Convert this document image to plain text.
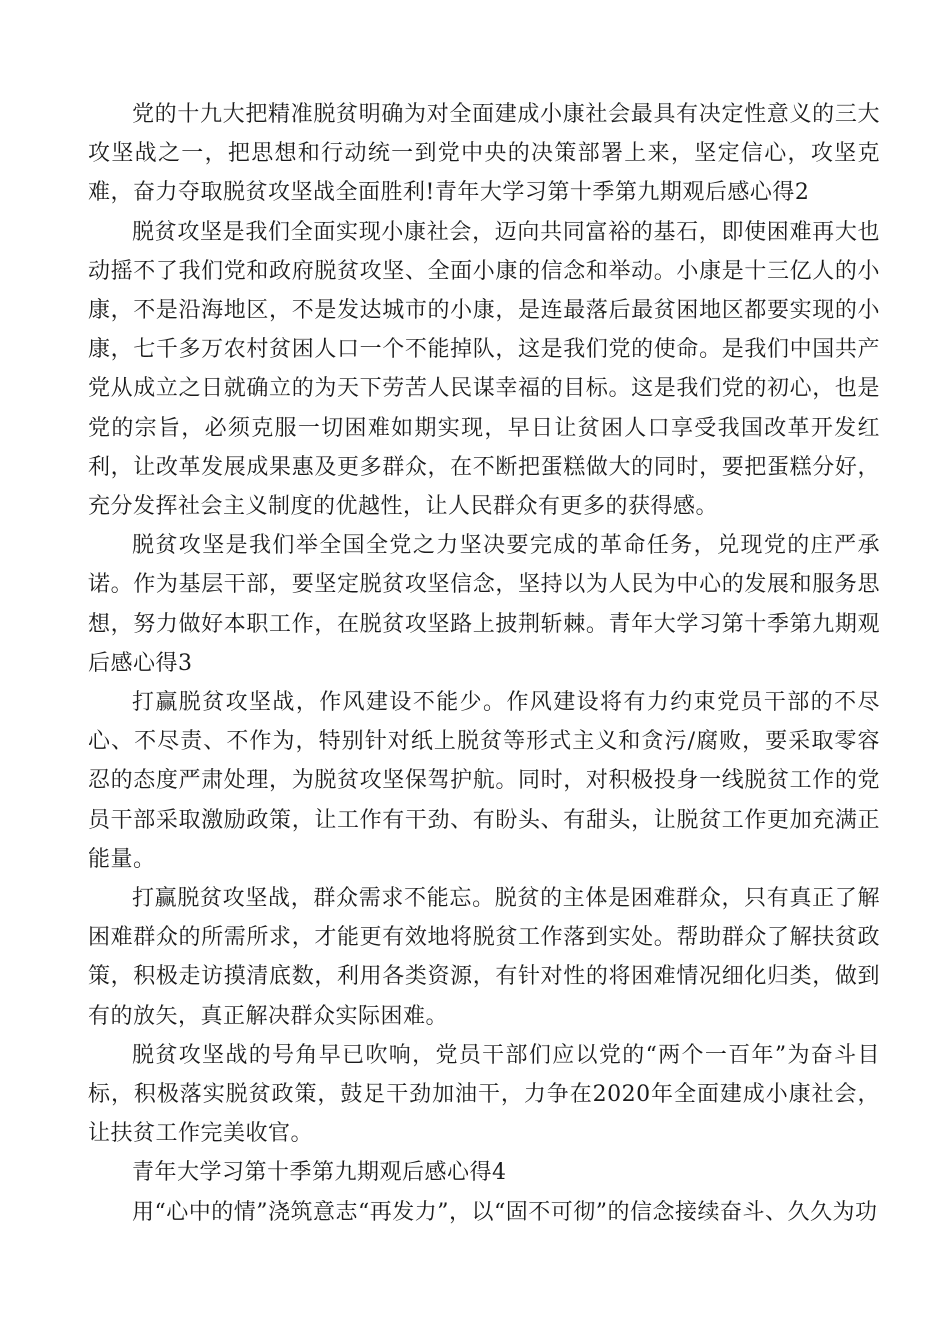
党的十九大把精准脱贫明确为对全面建成小康社会最具有决定性意义的三大攻坚战之一，把思想和行动统一到党中央的决策部署上来，坚定信心，攻坚克难，奋力夺取脱贫攻坚战全面胜利!青年大学习第十季第九期观后感心得2

脱贫攻坚是我们全面实现小康社会，迈向共同富裕的基石，即使困难再大也动摇不了我们党和政府脱贫攻坚、全面小康的信念和举动。小康是十三亿人的小康，不是沿海地区，不是发达城市的小康，是连最落后最贫困地区都要实现的小康，七千多万农村贫困人口一个不能掉队，这是我们党的使命。是我们中国共产党从成立之日就确立的为天下劳苦人民谋幸福的目标。这是我们党的初心，也是党的宗旨，必须克服一切困难如期实现，早日让贫困人口享受我国改革开发红利，让改革发展成果惠及更多群众，在不断把蛋糕做大的同时，要把蛋糕分好，充分发挥社会主义制度的优越性，让人民群众有更多的获得感。

脱贫攻坚是我们举全国全党之力坚决要完成的革命任务，兑现党的庄严承诺。作为基层干部，要坚定脱贫攻坚信念，坚持以为人民为中心的发展和服务思想，努力做好本职工作，在脱贫攻坚路上披荆斩棘。青年大学习第十季第九期观后感心得3

打赢脱贫攻坚战，作风建设不能少。作风建设将有力约束党员干部的不尽心、不尽责、不作为，特别针对纸上脱贫等形式主义和贪污/腐败，要采取零容忍的态度严肃处理，为脱贫攻坚保驾护航。同时，对积极投身一线脱贫工作的党员干部采取激励政策，让工作有干劲、有盼头、有甜头，让脱贫工作更加充满正能量。

打赢脱贫攻坚战，群众需求不能忘。脱贫的主体是困难群众，只有真正了解困难群众的所需所求，才能更有效地将脱贫工作落到实处。帮助群众了解扶贫政策，积极走访摸清底数，利用各类资源，有针对性的将困难情况细化归类，做到有的放矢，真正解决群众实际困难。

脱贫攻坚战的号角早已吹响，党员干部们应以党的“两个一百年”为奋斗目标，积极落实脱贫政策，鼓足干劲加油干，力争在2020年全面建成小康社会，让扶贫工作完美收官。

青年大学习第十季第九期观后感心得4

用“心中的情”浇筑意志“再发力”，以“固不可彻”的信念接续奋斗、久久为功
